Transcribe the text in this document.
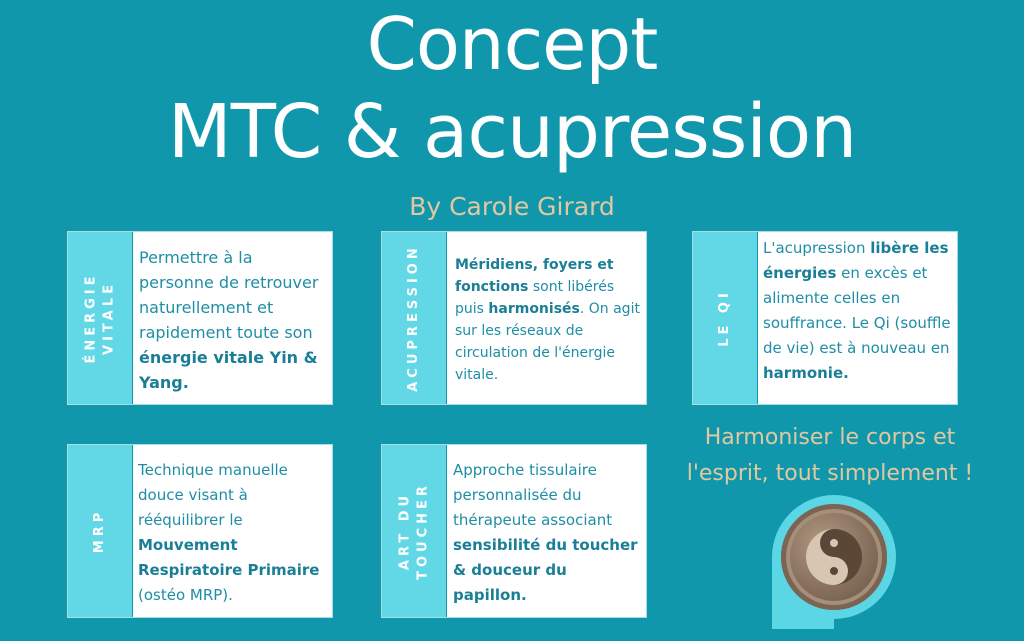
Concept
MTC & acupression
By Carole Girard
ÉNERGIE VITALE
Permettre à la personne de retrouver naturellement et rapidement toute son énergie vitale Yin & Yang.	ACUPRESSION	Méridiens, foyers et fonctions sont libérés puis harmonisés. On agit sur les réseaux de circulation de l'énergie vitale.
LE QI
L'acupression libère les énergies en excès et alimente celles en souffrance. Le Qi (souffle de vie) est à nouveau en harmonie.
MRP
Technique manuelle douce visant à rééquilibrer le Mouvement Respiratoire Primaire (ostéo MRP).
ART DU TOUCHER
Approche tissulaire personnalisée du thérapeute associant sensibilité du toucher & douceur du papillon.
Harmoniser le corps et
l'esprit, tout simplement !
